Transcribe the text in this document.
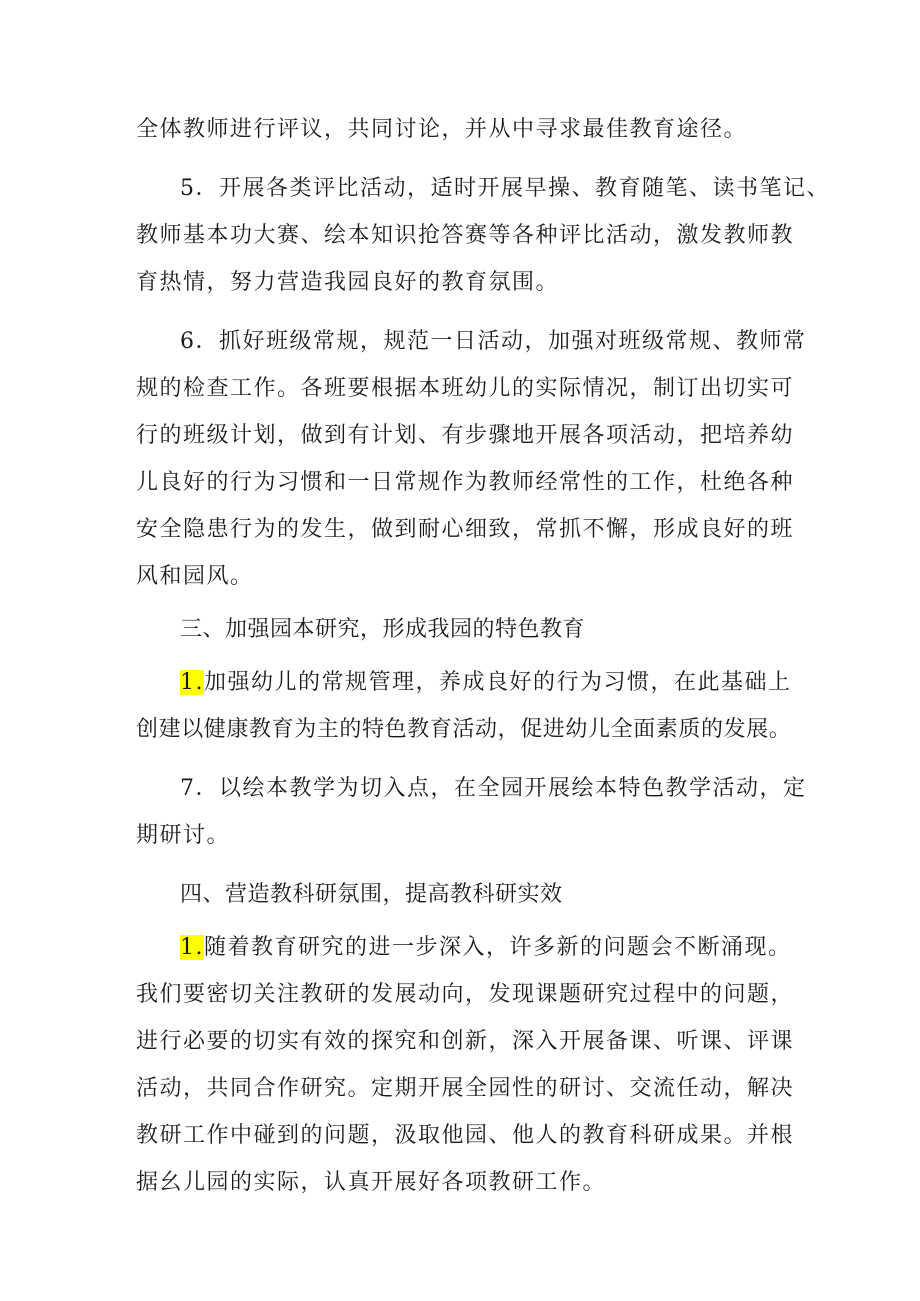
全体教师进行评议，共同讨论，并从中寻求最佳教育途径。
5．开展各类评比活动，适时开展早操、教育随笔、读书笔记、
教师基本功大赛、绘本知识抢答赛等各种评比活动，激发教师教
育热情，努力营造我园良好的教育氛围。
6．抓好班级常规，规范一日活动，加强对班级常规、教师常
规的检查工作。各班要根据本班幼儿的实际情况，制订出切实可
行的班级计划，做到有计划、有步骤地开展各项活动，把培养幼
儿良好的行为习惯和一日常规作为教师经常性的工作，杜绝各种
安全隐患行为的发生，做到耐心细致，常抓不懈，形成良好的班
风和园风。
三、加强园本研究，形成我园的特色教育
1.加强幼儿的常规管理，养成良好的行为习惯，在此基础上
创建以健康教育为主的特色教育活动，促进幼儿全面素质的发展。
7．以绘本教学为切入点，在全园开展绘本特色教学活动，定
期研讨。
四、营造教科研氛围，提高教科研实效
1.随着教育研究的进一步深入，许多新的问题会不断涌现。
我们要密切关注教研的发展动向，发现课题研究过程中的问题，
进行必要的切实有效的探究和创新，深入开展备课、听课、评课
活动，共同合作研究。定期开展全园性的研讨、交流任动，解决
教研工作中碰到的问题，汲取他园、他人的教育科研成果。并根
据幺儿园的实际，认真开展好各项教研工作。
